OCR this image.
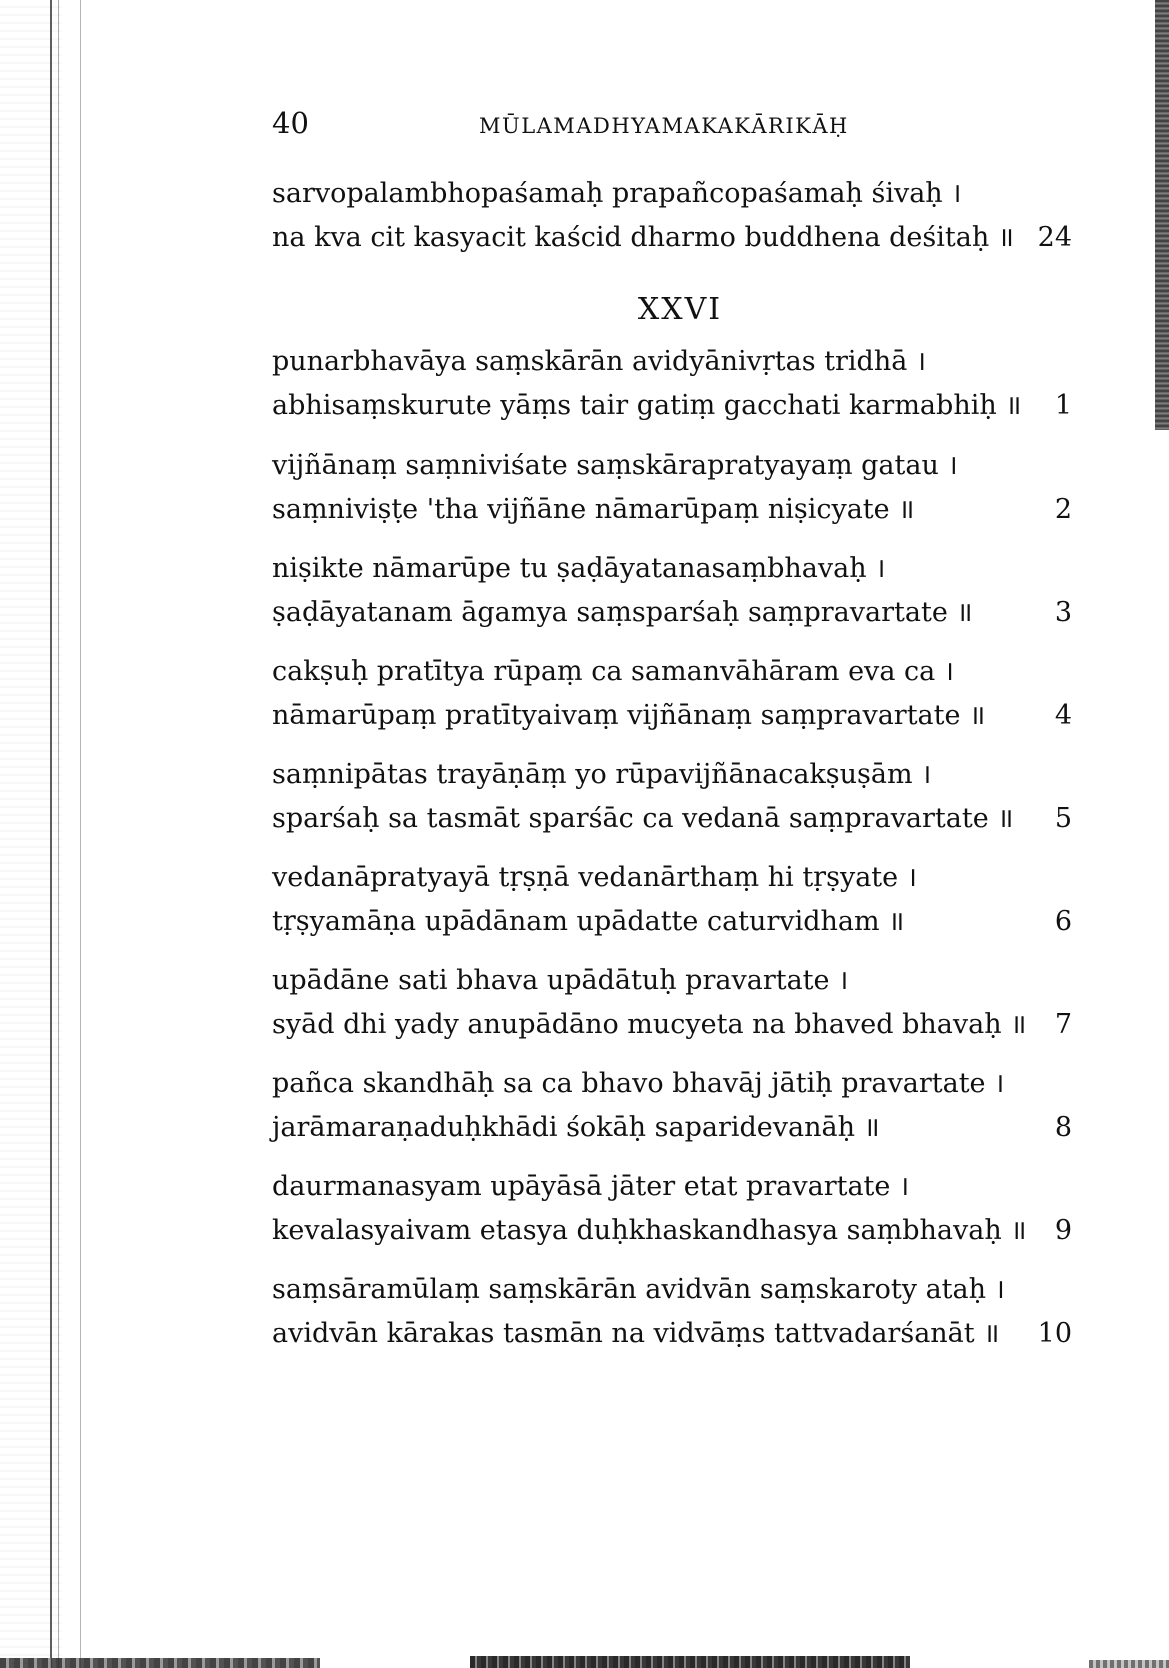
40	MŪLAMADHYAMAKAKĀRIKĀḤ
sarvopalambhopaśamaḥ prapañcopaśamaḥ śivaḥ ।
na kva cit kasyacit kaścid dharmo buddhena deśitaḥ ॥ 24
XXVI
punarbhavāya saṃskārān avidyānivṛtas tridhā ।
abhisaṃskurute yāṃs tair gatiṃ gacchati karmabhiḥ ॥ 1
vijñānaṃ saṃniviśate saṃskārapratyayaṃ gatau ।
saṃniviṣṭe 'tha vijñāne nāmarūpaṃ niṣicyate ॥	2
niṣikte nāmarūpe tu ṣaḍāyatanasaṃbhavaḥ ।
ṣaḍāyatanam āgamya saṃsparśaḥ saṃpravartate ॥	3
cakṣuḥ pratītya rūpaṃ ca samanvāhāram eva ca ।
nāmarūpaṃ pratītyaivaṃ vijñānaṃ saṃpravartate ॥	4
saṃnipātas trayāṇāṃ yo rūpavijñānacakṣuṣām ।
sparśaḥ sa tasmāt sparśāc ca vedanā saṃpravartate ॥ 5
vedanāpratyayā tṛṣṇā vedanārthaṃ hi tṛṣyate ।
tṛṣyamāṇa upādānam upādatte caturvidham ॥	6
upādāne sati bhava upādātuḥ pravartate ।
syād dhi yady anupādāno mucyeta na bhaved bhavaḥ ॥ 7
pañca skandhāḥ sa ca bhavo bhavāj jātiḥ pravartate ।
jarāmaraṇaduḥkhādi śokāḥ saparidevanāḥ ॥	8
daurmanasyam upāyāsā jāter etat pravartate ।
kevalasyaivam etasya duḥkhaskandhasya saṃbhavaḥ ॥ 9
saṃsāramūlaṃ saṃskārān avidvān saṃskaroty ataḥ ।
avidvān kārakas tasmān na vidvāṃs tattvadarśanāt ॥ 10
